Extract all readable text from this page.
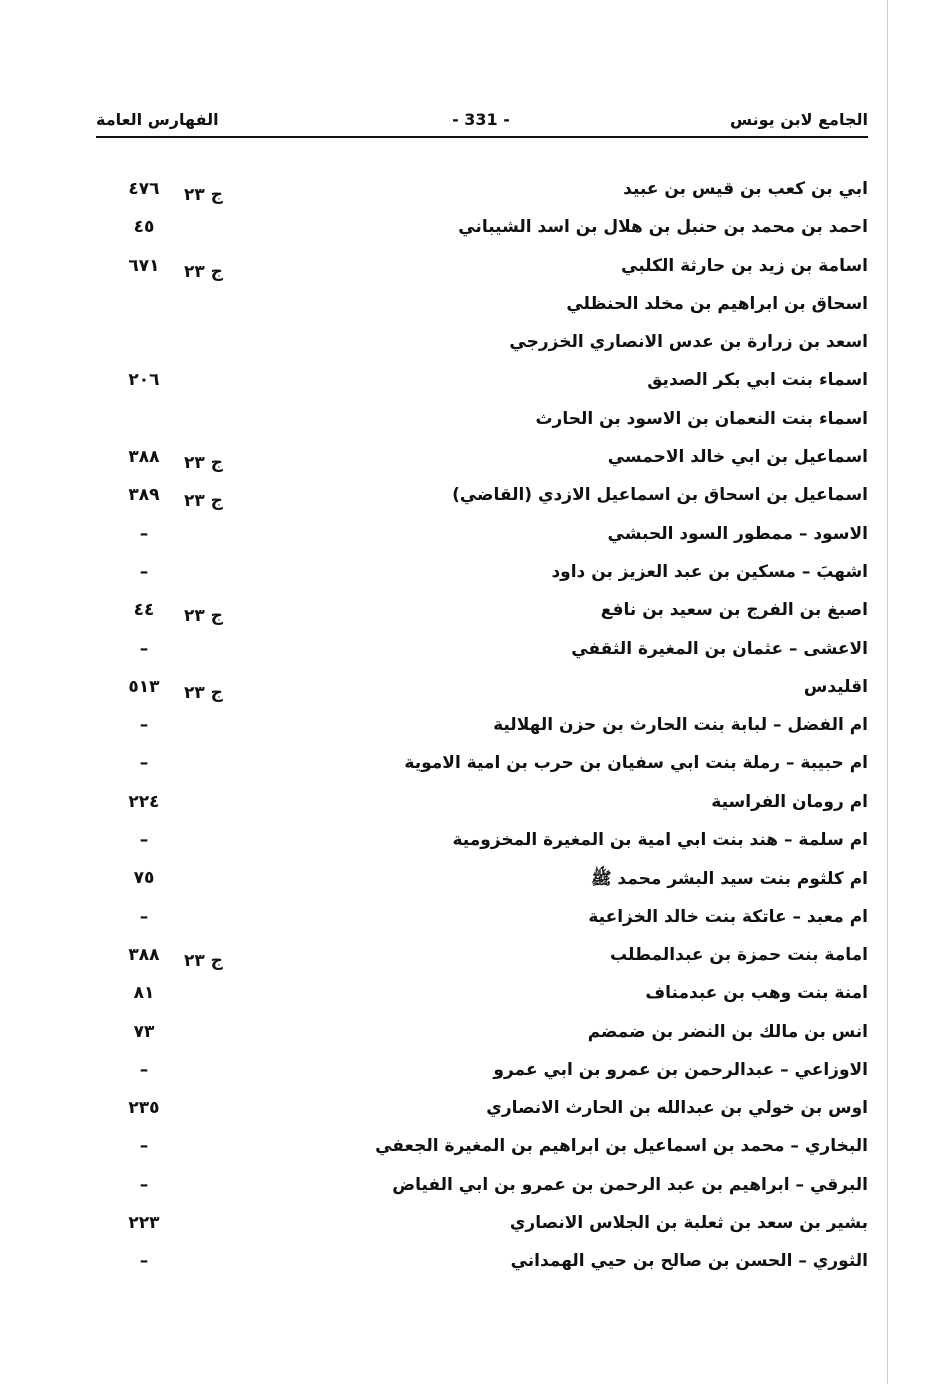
الجامع لابن يونس
- 331 -
الفهارس العامة
ابي بن كعب بن قيس بن عبيد
ج ٢٣
٤٧٦
احمد بن محمد بن حنبل بن هلال بن اسد الشيباني
٤٥
اسامة بن زيد بن حارثة الكلبي
ج ٢٣
٦٧١
اسحاق بن ابراهيم بن مخلد الحنظلي
اسعد بن زرارة بن عدس الانصاري الخزرجي
اسماء بنت ابي بكر الصديق
٢٠٦
اسماء بنت النعمان بن الاسود بن الحارث
اسماعيل بن ابي خالد الاحمسي
ج ٢٣
٣٨٨
اسماعيل بن اسحاق بن اسماعيل الازدي (القاضي)
ج ٢٣
٣٨٩
الاسود – ممطور السود الحبشي
–
اشهبَ – مسكين بن عبد العزيز بن داود
–
اصبغ بن الفرج بن سعيد بن نافع
ج ٢٣
٤٤
الاعشى – عثمان بن المغيرة الثقفي
–
اقليدس
ج ٢٣
٥١٣
ام الفضل – لبابة بنت الحارث بن حزن الهلالية
–
ام حبيبة – رملة بنت ابي سفيان بن حرب بن امية الاموية
–
ام رومان الفراسية
٢٢٤
ام سلمة – هند بنت ابي امية بن المغيرة المخزومية
–
ام كلثوم بنت سيد البشر محمد ﷺ
٧٥
ام معبد – عاتكة بنت خالد الخزاعية
–
امامة بنت حمزة بن عبدالمطلب
ج ٢٣
٣٨٨
امنة بنت وهب بن عبدمناف
٨١
انس بن مالك بن النضر بن ضمضم
٧٣
الاوزاعي – عبدالرحمن بن عمرو بن ابي عمرو
–
اوس بن خولي بن عبدالله بن الحارث الانصاري
٢٣٥
البخاري – محمد بن اسماعيل بن ابراهيم بن المغيرة الجعفي
–
البرقي – ابراهيم بن عبد الرحمن بن عمرو بن ابي الفياض
–
بشير بن سعد بن ثعلبة بن الجلاس الانصاري
٢٢٣
الثوري – الحسن بن صالح بن حيي الهمداني
–
